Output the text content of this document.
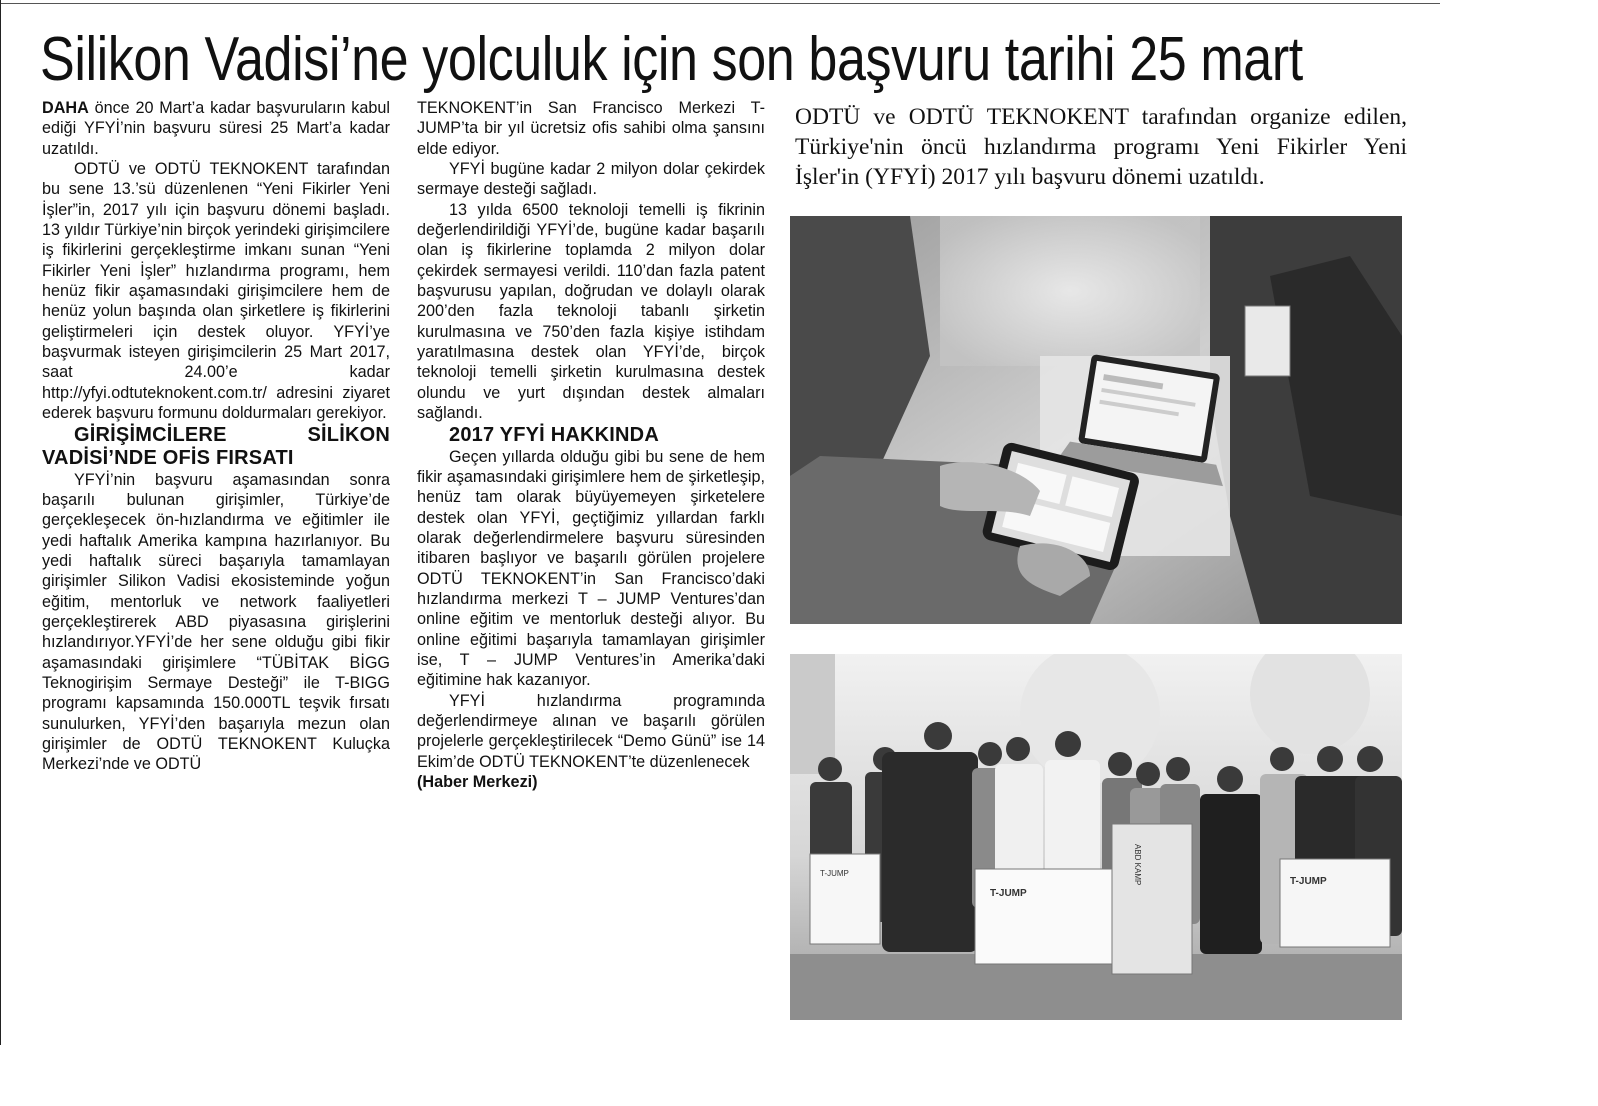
Silikon Vadisi’ne yolculuk için son başvuru tarihi 25 mart

DAHA önce 20 Mart’a kadar başvuruların kabul ediği YFYİ’nin başvuru süresi 25 Mart’a kadar uzatıldı.

ODTÜ ve ODTÜ TEKNOKENT tarafından bu sene 13.’sü düzenlenen “Yeni Fikirler Yeni İşler”in, 2017 yılı için başvuru dönemi başladı. 13 yıldır Türkiye’nin birçok yerindeki girişimcilere iş fikirlerini gerçekleştirme imkanı sunan “Yeni Fikirler Yeni İşler” hızlandırma programı, hem henüz fikir aşamasındaki girişimcilere hem de henüz yolun başında olan şirketlere iş fikirlerini geliştirmeleri için destek oluyor. YFYİ’ye başvurmak isteyen girişimcilerin 25 Mart 2017, saat 24.00’e kadar http://yfyi.odtuteknokent.com.tr/ adresini ziyaret ederek başvuru formunu doldurmaları gerekiyor.

GİRİŞİMCİLERE SİLİKON VADİSİ’NDE OFİS FIRSATI

YFYİ’nin başvuru aşamasından sonra başarılı bulunan girişimler, Türkiye’de gerçekleşecek ön-hızlandırma ve eğitimler ile yedi haftalık Amerika kampına hazırlanıyor. Bu yedi haftalık süreci başarıyla tamamlayan girişimler Silikon Vadisi ekosisteminde yoğun eğitim, mentorluk ve network faaliyetleri gerçekleştirerek ABD piyasasına girişlerini hızlandırıyor.YFYİ’de her sene olduğu gibi fikir aşamasındaki girişimlere “TÜBİTAK BİGG Teknogirişim Sermaye Desteği” ile T-BIGG programı kapsamında 150.000TL teşvik fırsatı sunulurken, YFYİ’den başarıyla mezun olan girişimler de ODTÜ TEKNOKENT Kuluçka Merkezi’nde ve ODTÜ

TEKNOKENT’in San Francisco Merkezi T-JUMP’ta bir yıl ücretsiz ofis sahibi olma şansını elde ediyor.

YFYİ bugüne kadar 2 milyon dolar çekirdek sermaye desteği sağladı.

13 yılda 6500 teknoloji temelli iş fikrinin değerlendirildiği YFYİ’de, bugüne kadar başarılı olan iş fikirlerine toplamda 2 milyon dolar çekirdek sermayesi verildi. 110’dan fazla patent başvurusu yapılan, doğrudan ve dolaylı olarak 200’den fazla teknoloji tabanlı şirketin kurulmasına ve 750’den fazla kişiye istihdam yaratılmasına destek olan YFYİ’de, birçok teknoloji temelli şirketin kurulmasına destek olundu ve yurt dışından destek almaları sağlandı.

2017 YFYİ HAKKINDA

Geçen yıllarda olduğu gibi bu sene de hem fikir aşamasındaki girişimlere hem de şirketleşip, henüz tam olarak büyüyemeyen şirketelere destek olan YFYİ, geçtiğimiz yıllardan farklı olarak değerlendirmelere başvuru süresinden itibaren başlıyor ve başarılı görülen projelere ODTÜ TEKNOKENT’in San Francisco’daki hızlandırma merkezi T – JUMP Ventures’dan online eğitim ve mentorluk desteği alıyor. Bu online eğitimi başarıyla tamamlayan girişimler ise, T – JUMP Ventures’in Amerika’daki eğitimine hak kazanıyor.

YFYİ hızlandırma programında değerlendirmeye alınan ve başarılı görülen projelerle gerçekleştirilecek “Demo Günü” ise 14 Ekim’de ODTÜ TEKNOKENT’te düzenlenecek

(Haber Merkezi)

ODTÜ ve ODTÜ TEKNOKENT tarafından organize edilen, Türkiye'nin öncü hızlandırma programı Yeni Fikirler Yeni İşler'in (YFYİ) 2017 yılı başvuru dönemi uzatıldı.

T-JUMP
T-JUMP
ABD KAMP	T-JUMP
